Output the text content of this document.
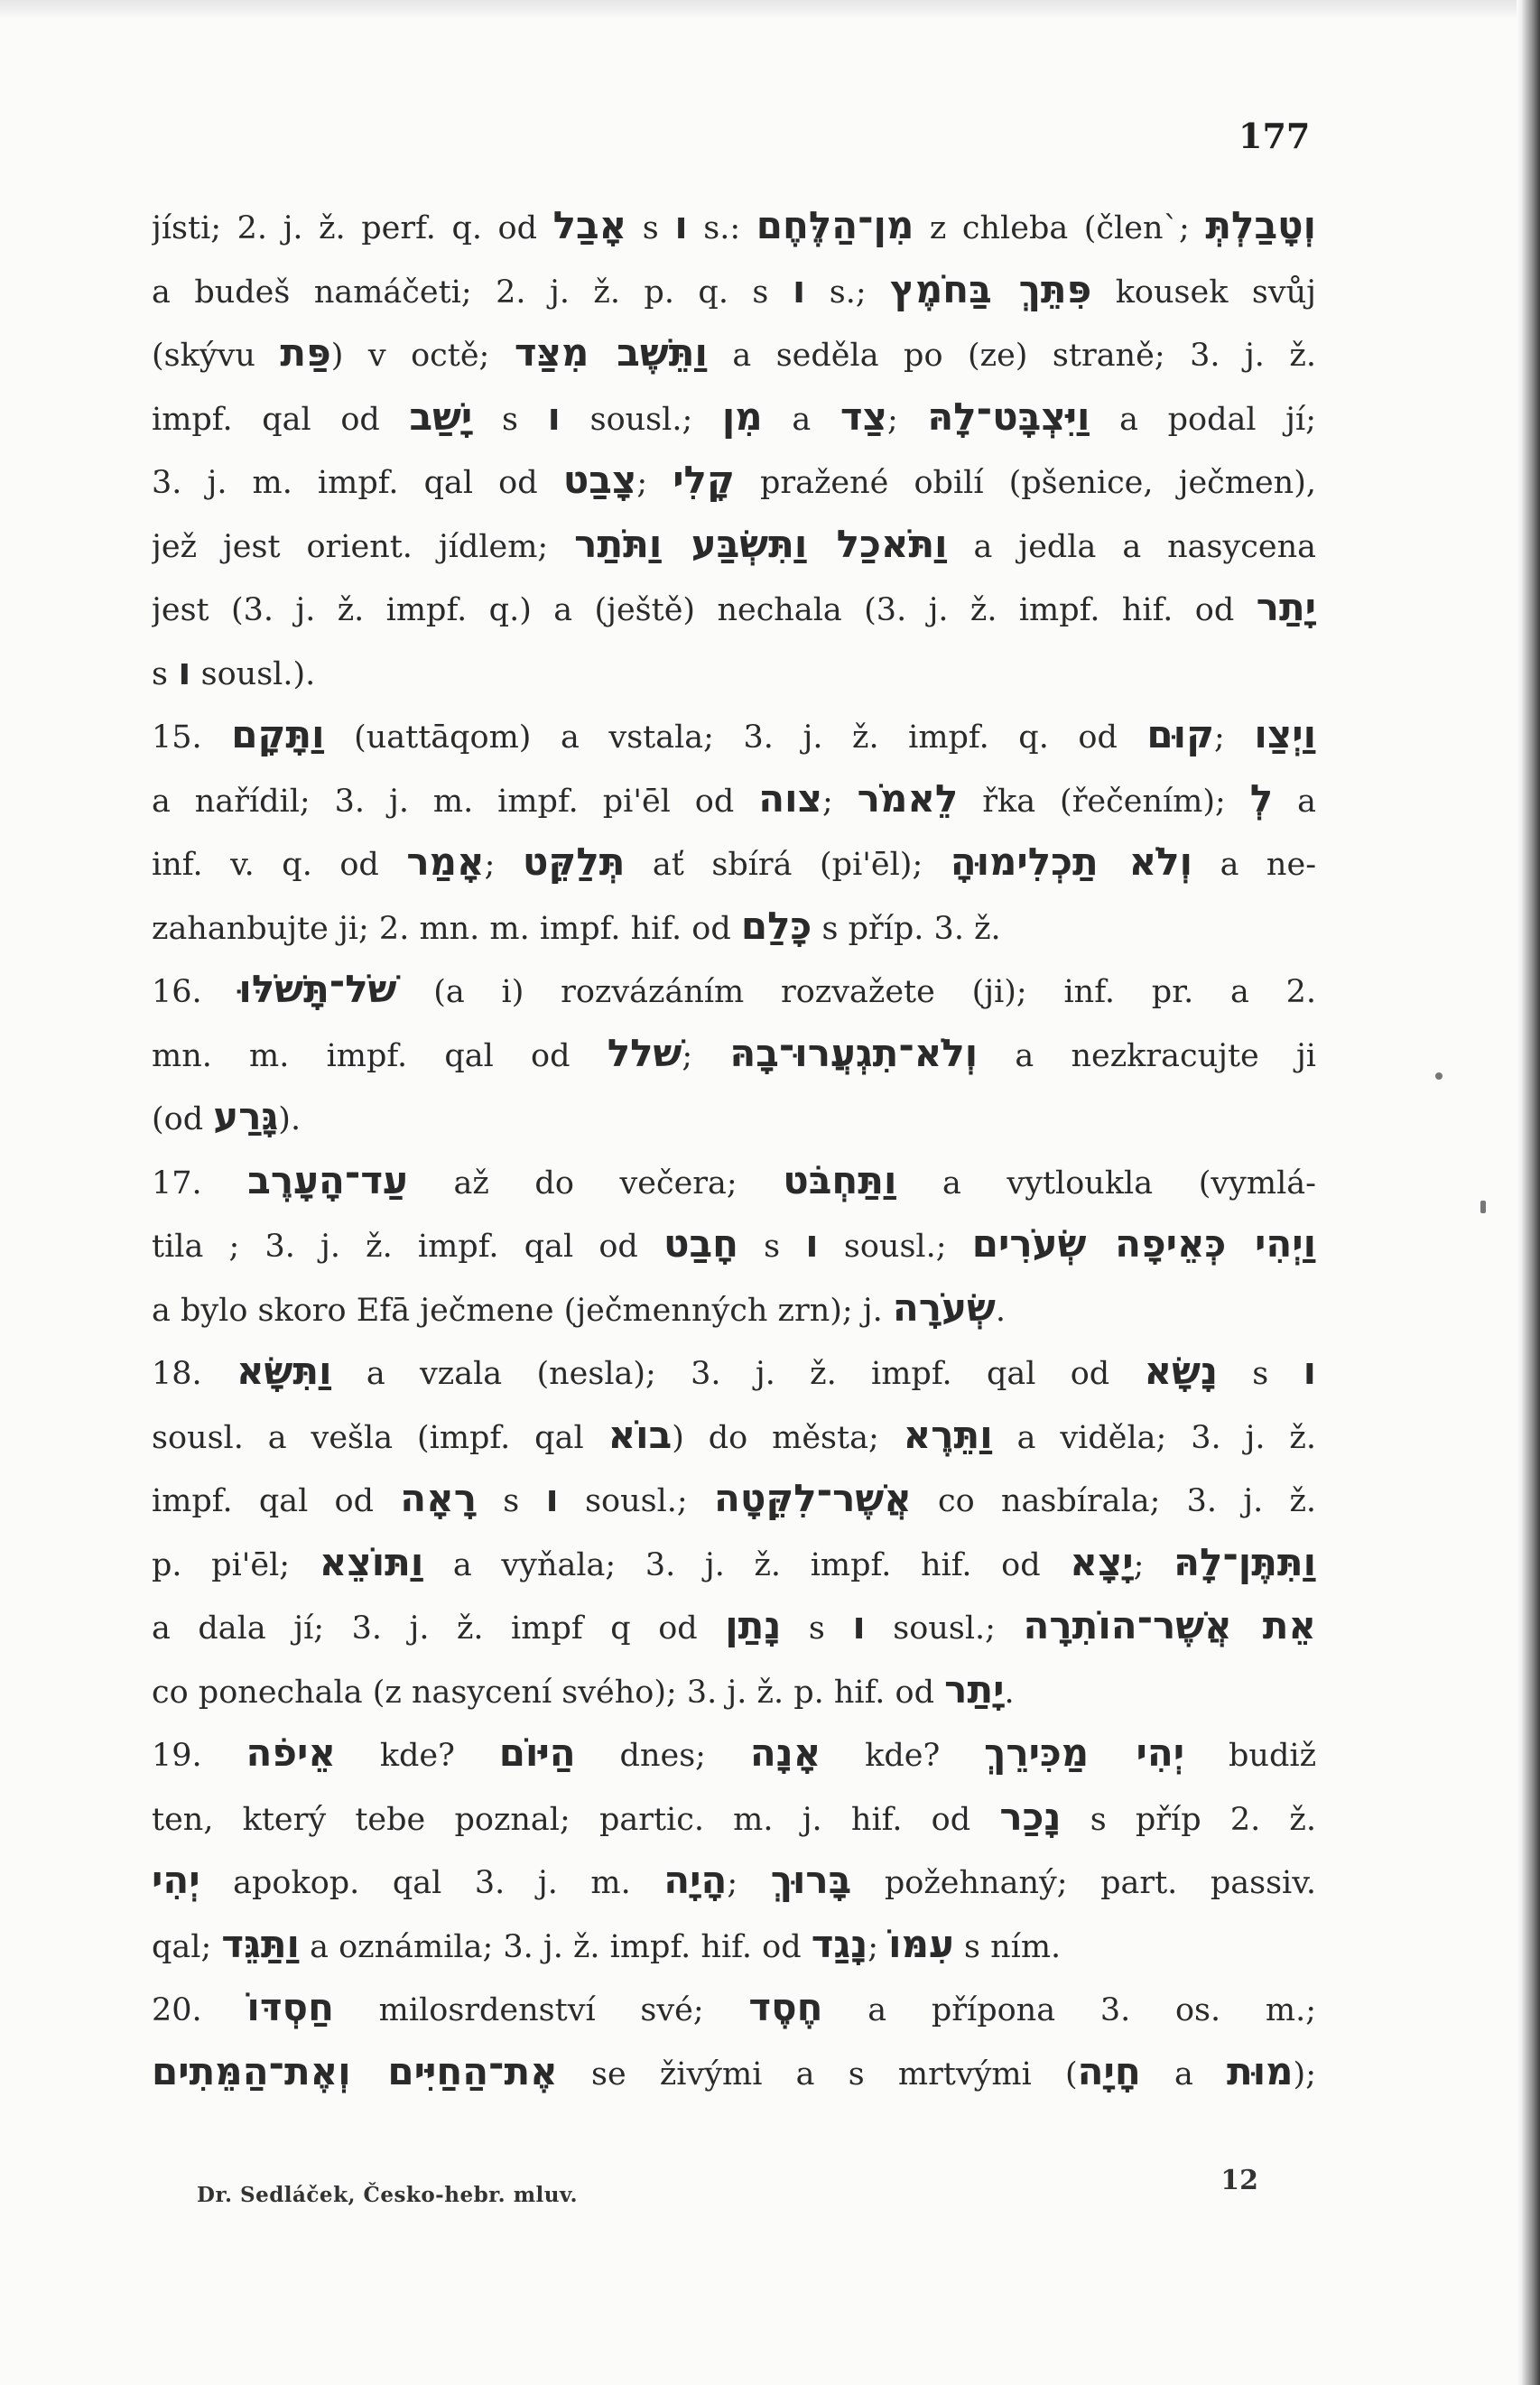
177
jísti; 2. j. ž. perf. q. od אָבַל s ו s.: מִן־הַלֶּחֶם z chleba (člen`; וְטָבַלְתְּ
a budeš namáčeti; 2. j. ž. p. q. s ו s.; פִּתֵּךְ בַּחֹמֶץ kousek svůj
(skývu פַּת) v octě; וַתֵּשֶׁב מִצַּד a seděla po (ze) straně; 3. j. ž.
impf. qal od יָשַׁב s ו sousl.; מִן a צַד; וַיִּצְבָּט־לָהּ a podal jí;
3. j. m. impf. qal od צָבַט; קָלִי pražené obilí (pšenice, ječmen),
jež jest orient. jídlem; וַתֹּאכַל וַתִּשְׂבַּע וַתֹּתַר a jedla a nasycena
jest (3. j. ž. impf. q.) a (ještě) nechala (3. j. ž. impf. hif. od יָתַר
s ו sousl.).
15. וַתָּקָם (uattāqom) a vstala; 3. j. ž. impf. q. od קוּם; וַיְצַו
a nařídil; 3. j. m. impf. pi'ēl od צוה; לֵאמֹר řka (řečením); לְ a
inf. v. q. od אָמַר; תְּלַקֵּט ať sbírá (pi'ēl); וְלֹא תַכְלִימוּהָ a ne-
zahanbujte ji; 2. mn. m. impf. hif. od כָּלַם s příp. 3. ž.
16. שֹׁל־תָּשֹׁלּוּ (a i) rozvázáním rozvažete (ji); inf. pr. a 2.
mn. m. impf. qal od שׁלל; וְלֹא־תִגְעֲרוּ־בָהּ a nezkracujte ji
(od גָּרַע).
17. עַד־הָעָרֶב až do večera; וַתַּחְבֹּט a vytloukla (vymlá-
tila ; 3. j. ž. impf. qal od חָבַט s ו sousl.; וַיְהִי כְּאֵיפָה שְׂעֹרִים
a bylo skoro Efā ječmene (ječmenných zrn); j. שְׂעֹרָה.
18. וַתִּשָּׂא a vzala (nesla); 3. j. ž. impf. qal od נָשָׂא s ו
sousl. a vešla (impf. qal בוֹא) do města; וַתֵּרֶא a viděla; 3. j. ž.
impf. qal od רָאָה s ו sousl.; אֲשֶׁר־לִקֵּטָה co nasbírala; 3. j. ž.
p. pi'ēl; וַתּוֹצֵא a vyňala; 3. j. ž. impf. hif. od יָצָא; וַתִּתֶּן־לָהּ
a dala jí; 3. j. ž. impf q od נָתַן s ו sousl.; אֵת אֲשֶׁר־הוֹתִרָה
co ponechala (z nasycení svého); 3. j. ž. p. hif. od יָתַר.
19. אֵיפֹה kde? הַיּוֹם dnes; אָנָה kde? יְהִי מַכִּירֵךְ budiž
ten, který tebe poznal; partic. m. j. hif. od נָכַר s příp 2. ž.
יְהִי apokop. qal 3. j. m. הָיָה; בָּרוּךְ požehnaný; part. passiv.
qal; וַתַּגֵּד a oznámila; 3. j. ž. impf. hif. od נָגַד; עִמּוֹ s ním.
20. חַסְדּוֹ milosrdenství své; חֶסֶד a přípona 3. os. m.;
אֶת־הַחַיִּים וְאֶת־הַמֵּתִים se živými a s mrtvými (חָיָה a מוּת);
Dr. Sedláček, Česko-hebr. mluv.	12
